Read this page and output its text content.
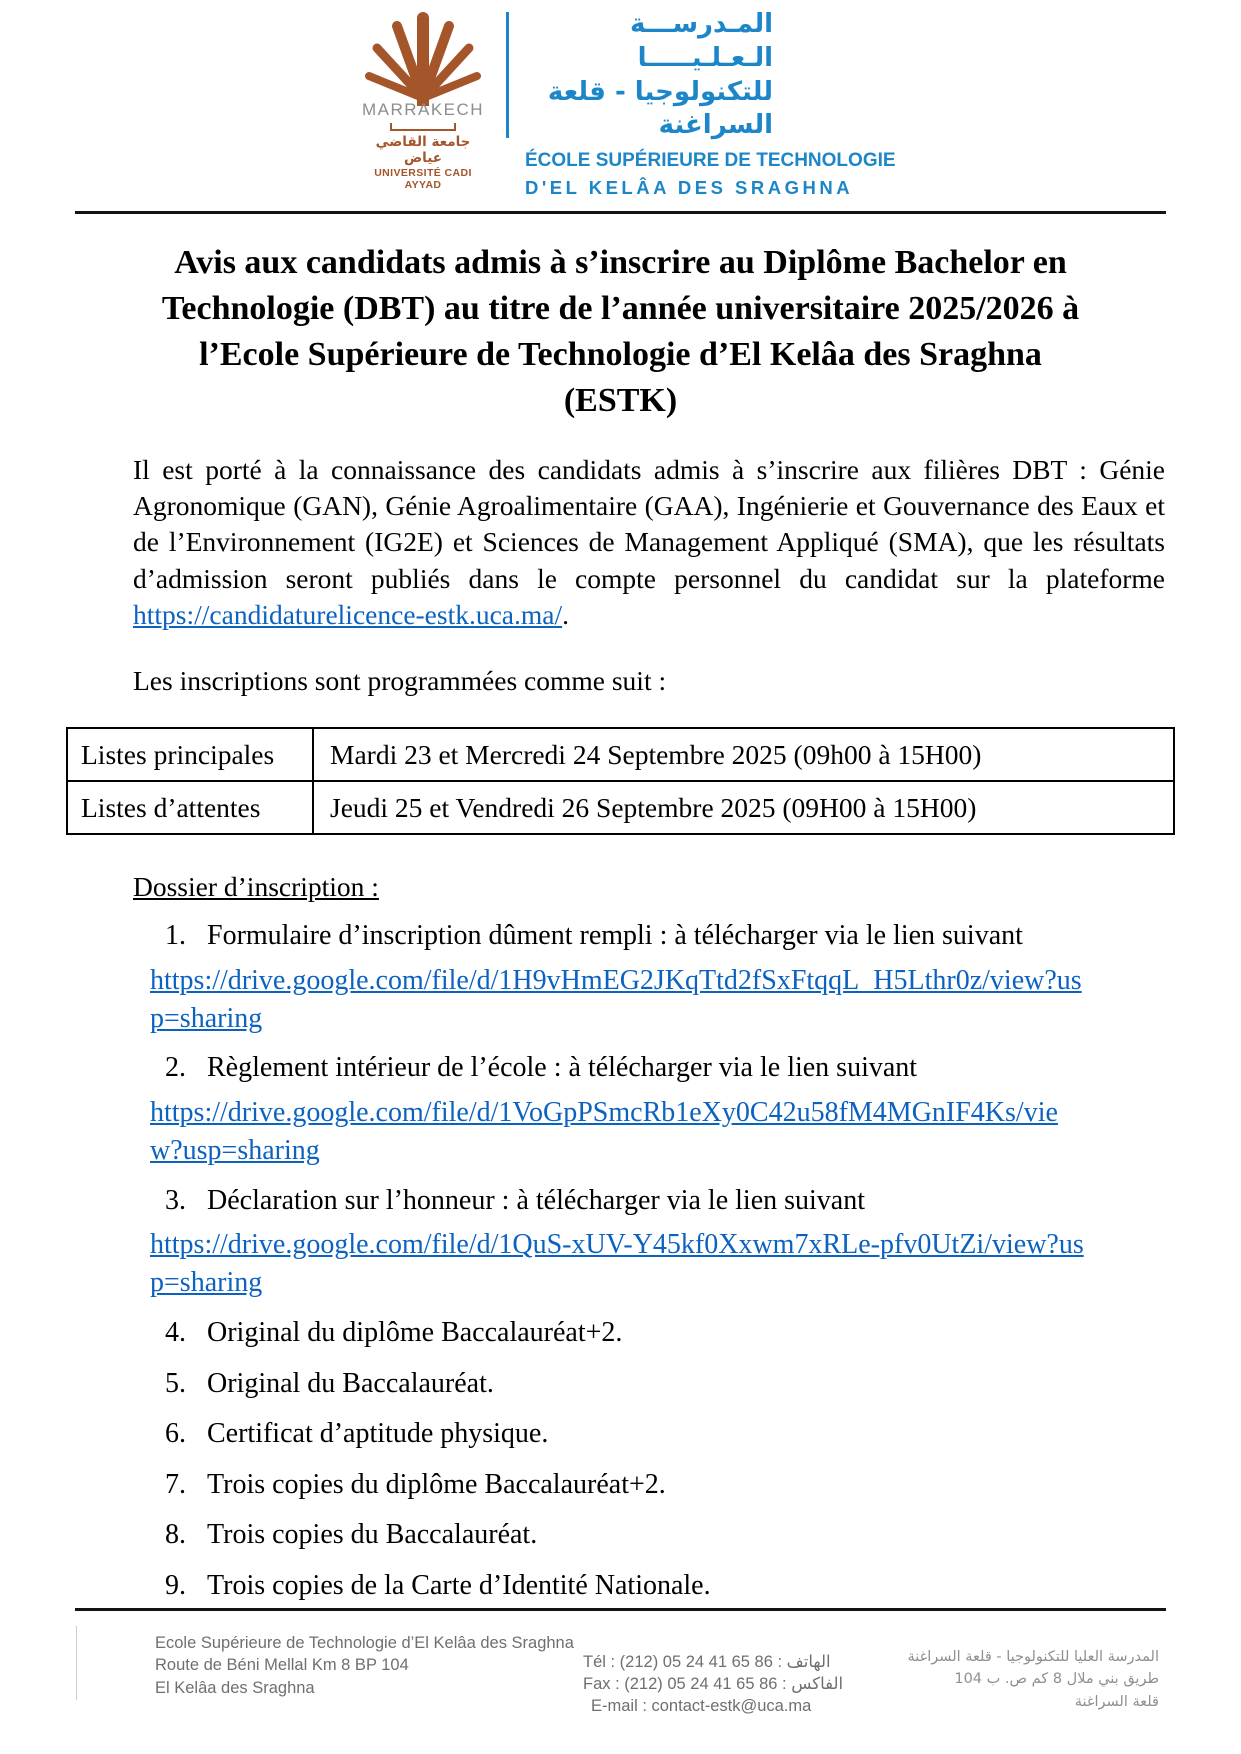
MARRAKECH
جامعة القاضي عياض
UNIVERSITÉ CADI AYYAD
المـدرســـة الـعـلـيـــــا
للتكنولوجيا - قلعة السراغنة
ÉCOLE SUPÉRIEURE DE TECHNOLOGIE
D'EL KELÂA DES SRAGHNA
Avis aux candidats admis à s’inscrire au Diplôme Bachelor en Technologie (DBT) au titre de l’année universitaire 2025/2026 à l’Ecole Supérieure de Technologie d’El Kelâa des Sraghna (ESTK)

Il est porté à la connaissance des candidats admis à s’inscrire aux filières DBT : Génie Agronomique (GAN), Génie Agroalimentaire (GAA), Ingénierie et Gouvernance des Eaux et de l’Environnement (IG2E) et Sciences de Management Appliqué (SMA), que les résultats d’admission seront publiés dans le compte personnel du candidat sur la plateforme https://candidaturelicence-estk.uca.ma/.

Les inscriptions sont programmées comme suit :

Listes principales	Mardi 23 et Mercredi 24 Septembre 2025 (09h00 à 15H00)
Listes d’attentes	Jeudi 25 et Vendredi 26 Septembre 2025 (09H00 à 15H00)
Dossier d’inscription :
1. Formulaire d’inscription dûment rempli : à télécharger via le lien suivant
https://drive.google.com/file/d/1H9vHmEG2JKqTtd2fSxFtqqL_H5Lthr0z/view?usp=sharing
2. Règlement intérieur de l’école : à télécharger via le lien suivant
https://drive.google.com/file/d/1VoGpPSmcRb1eXy0C42u58fM4MGnIF4Ks/view?usp=sharing
3. Déclaration sur l’honneur : à télécharger via le lien suivant
https://drive.google.com/file/d/1QuS-xUV-Y45kf0Xxwm7xRLe-pfv0UtZi/view?usp=sharing
4. Original du diplôme Baccalauréat+2.
5. Original du Baccalauréat.
6. Certificat d’aptitude physique.
7. Trois copies du diplôme Baccalauréat+2.
8. Trois copies du Baccalauréat.
9. Trois copies de la Carte d’Identité Nationale.
Ecole Supérieure de Technologie d’El Kelâa des Sraghna
Route de Béni Mellal Km 8 BP 104
El Kelâa des Sraghna
Tél : (212) 05 24 41 65 86 : الهاتف
Fax : (212) 05 24 41 65 86 : الفاكس
E-mail : contact-estk@uca.ma
المدرسة العليا للتكنولوجيا - قلعة السراغنة
طريق بني ملال 8 كم ص. ب 104
قلعة السراغنة
